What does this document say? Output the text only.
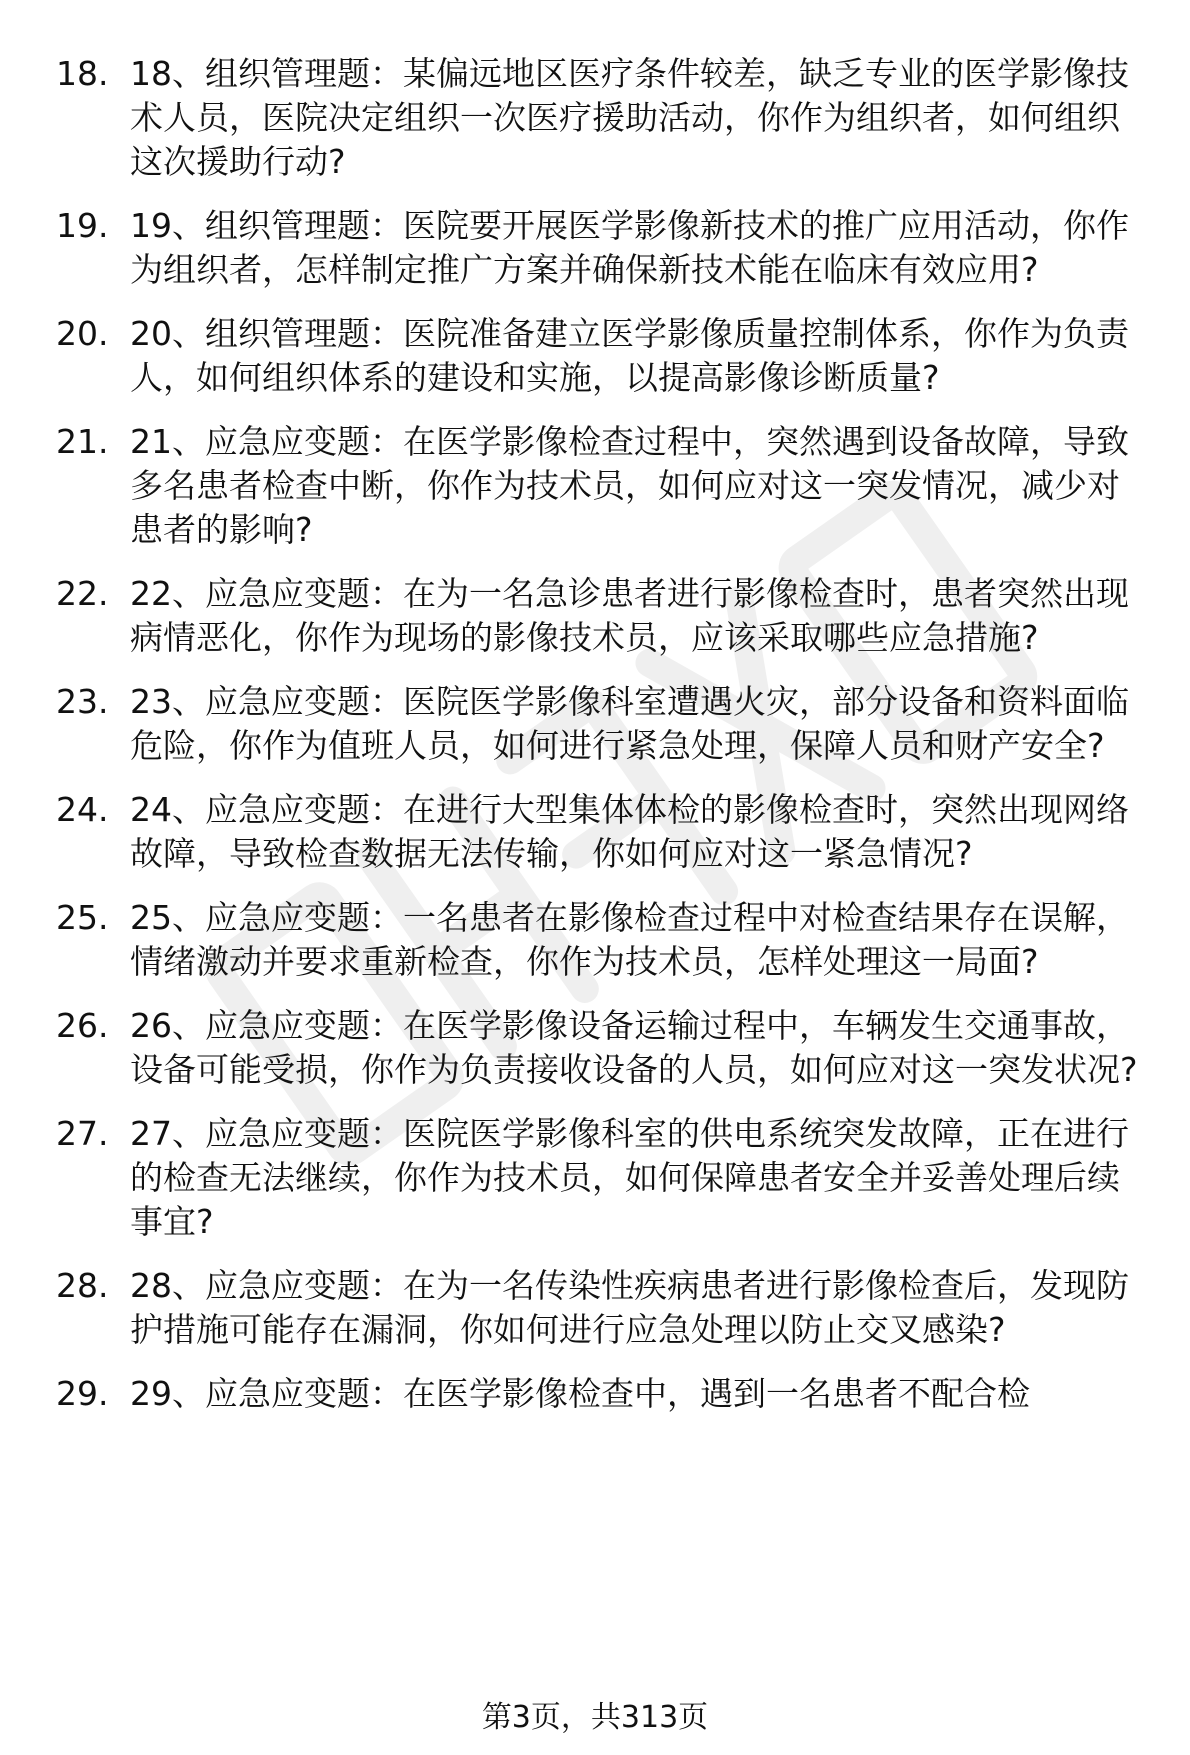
18. 18、组织管理题：某偏远地区医疗条件较差，缺乏专业的医学影像技术人员，医院决定组织一次医疗援助活动，你作为组织者，如何组织这次援助行动?
19. 19、组织管理题：医院要开展医学影像新技术的推广应用活动，你作为组织者，怎样制定推广方案并确保新技术能在临床有效应用?
20. 20、组织管理题：医院准备建立医学影像质量控制体系，你作为负责人，如何组织体系的建设和实施，以提高影像诊断质量?
21. 21、应急应变题：在医学影像检查过程中，突然遇到设备故障，导致多名患者检查中断，你作为技术员，如何应对这一突发情况，减少对患者的影响?
22. 22、应急应变题：在为一名急诊患者进行影像检查时，患者突然出现病情恶化，你作为现场的影像技术员，应该采取哪些应急措施?
23. 23、应急应变题：医院医学影像科室遭遇火灾，部分设备和资料面临危险，你作为值班人员，如何进行紧急处理，保障人员和财产安全?
24. 24、应急应变题：在进行大型集体体检的影像检查时，突然出现网络故障，导致检查数据无法传输，你如何应对这一紧急情况?
25. 25、应急应变题：一名患者在影像检查过程中对检查结果存在误解，情绪激动并要求重新检查，你作为技术员，怎样处理这一局面?
26. 26、应急应变题：在医学影像设备运输过程中，车辆发生交通事故，设备可能受损，你作为负责接收设备的人员，如何应对这一突发状况?
27. 27、应急应变题：医院医学影像科室的供电系统突发故障，正在进行的检查无法继续，你作为技术员，如何保障患者安全并妥善处理后续事宜?
28. 28、应急应变题：在为一名传染性疾病患者进行影像检查后，发现防护措施可能存在漏洞，你如何进行应急处理以防止交叉感染?
29. 29、应急应变题：在医学影像检查中，遇到一名患者不配合检
第3页，共313页
